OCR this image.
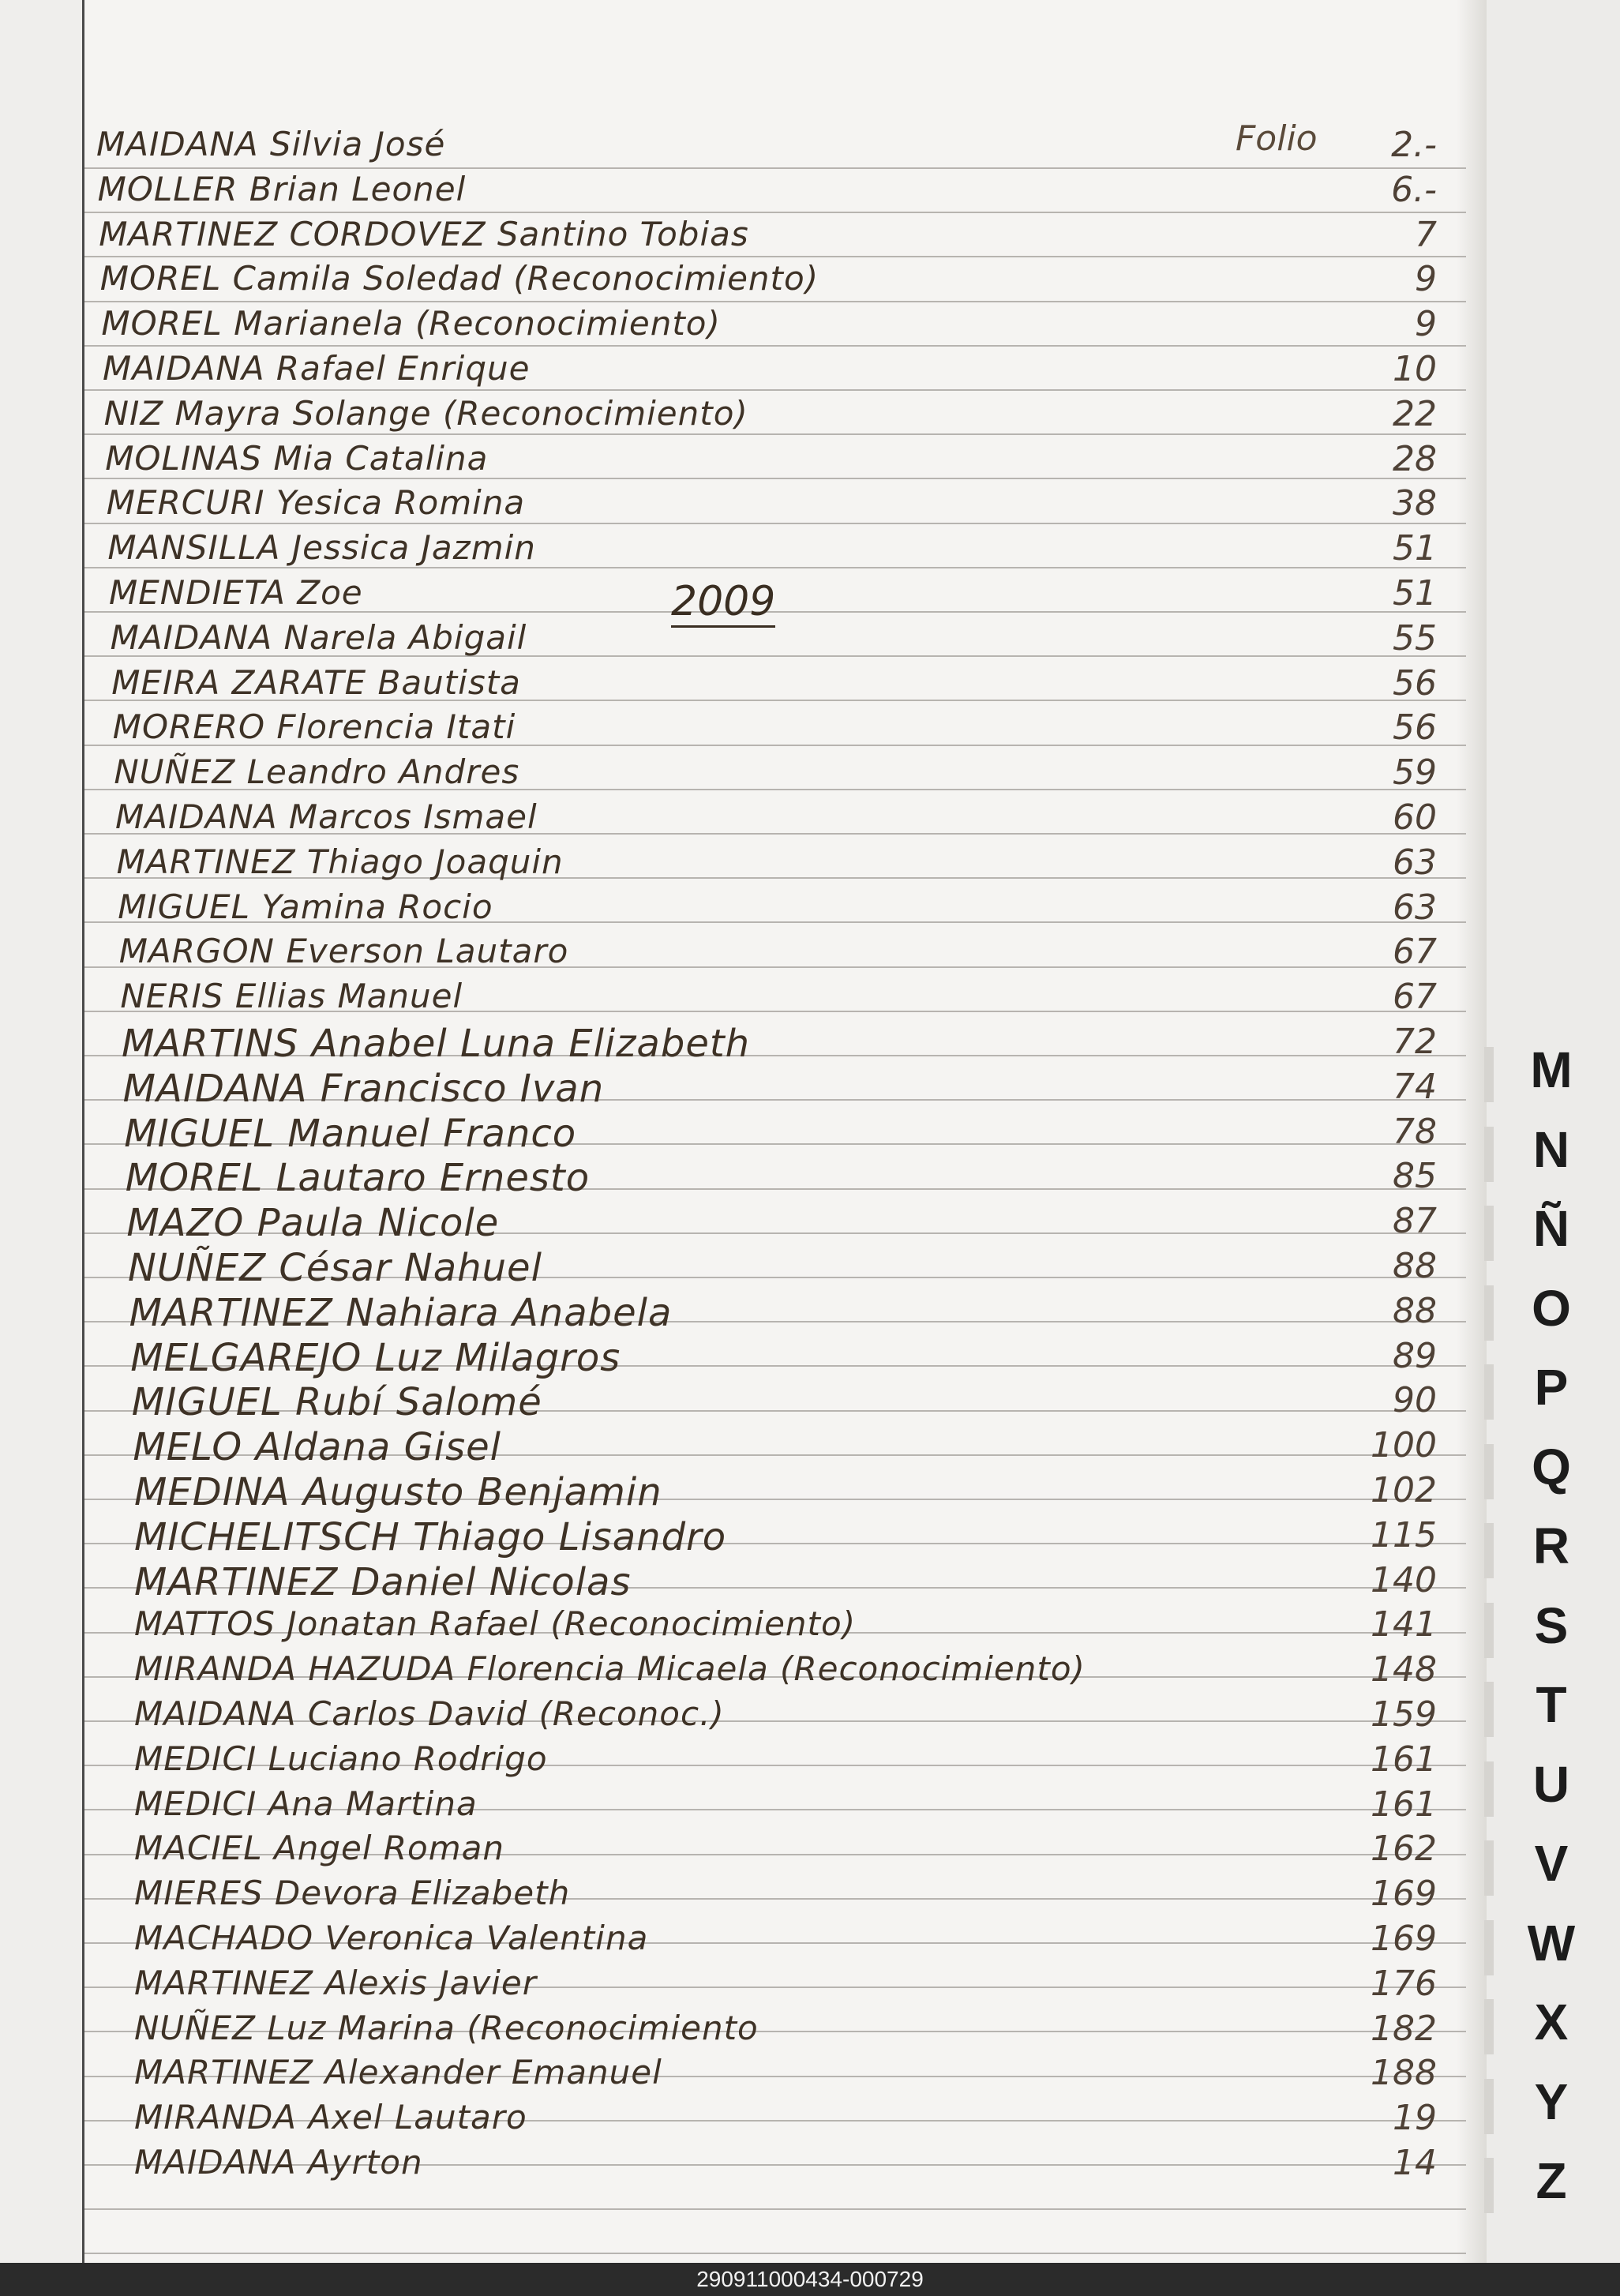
Folio
2009
MAIDANA Silvia José	2.-
MOLLER Brian Leonel	6.-
MARTINEZ CORDOVEZ Santino Tobias	7
MOREL Camila Soledad (Reconocimiento)	9
MOREL Marianela (Reconocimiento)	9
MAIDANA Rafael Enrique	10
NIZ Mayra Solange (Reconocimiento)	22
MOLINAS Mia Catalina	28
MERCURI Yesica Romina	38
MANSILLA Jessica Jazmin	51
MENDIETA Zoe	51
MAIDANA Narela Abigail	55
MEIRA ZARATE Bautista	56
MORERO Florencia Itati	56
NUÑEZ Leandro Andres	59
MAIDANA Marcos Ismael	60
MARTINEZ Thiago Joaquin	63
MIGUEL Yamina Rocio	63
MARGON Everson Lautaro	67
NERIS Ellias Manuel	67
MARTINS Anabel Luna Elizabeth	72
MAIDANA Francisco Ivan	74
MIGUEL Manuel Franco	78
MOREL Lautaro Ernesto	85
MAZO Paula Nicole	87
NUÑEZ César Nahuel	88
MARTINEZ Nahiara Anabela	88
MELGAREJO Luz Milagros	89
MIGUEL Rubí Salomé	90
MELO Aldana Gisel	100
MEDINA Augusto Benjamin	102
MICHELITSCH Thiago Lisandro	115
MARTINEZ Daniel Nicolas	140
MATTOS Jonatan Rafael (Reconocimiento)	141
MIRANDA HAZUDA Florencia Micaela (Reconocimiento)	148
MAIDANA Carlos David (Reconoc.)	159
MEDICI Luciano Rodrigo	161
MEDICI Ana Martina	161
MACIEL Angel Roman	162
MIERES Devora Elizabeth	169
MACHADO Veronica Valentina	169
MARTINEZ Alexis Javier	176
NUÑEZ Luz Marina (Reconocimiento	182
MARTINEZ Alexander Emanuel	188
MIRANDA Axel Lautaro	19
MAIDANA Ayrton	14
M
N
Ñ
O
P
Q
R
S
T
U
V
W
X
Y
Z
290911000434-000729
